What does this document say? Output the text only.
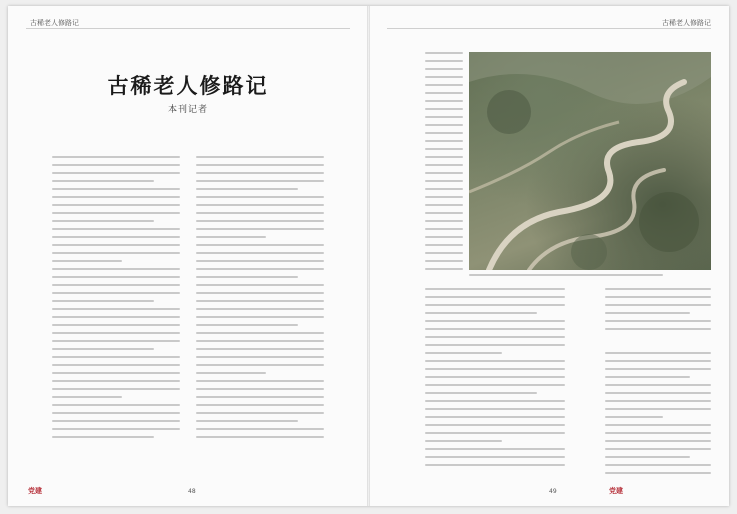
古稀老人修路记
古稀老人修路记
本刊记者
党建	48
古稀老人修路记
党建
49
